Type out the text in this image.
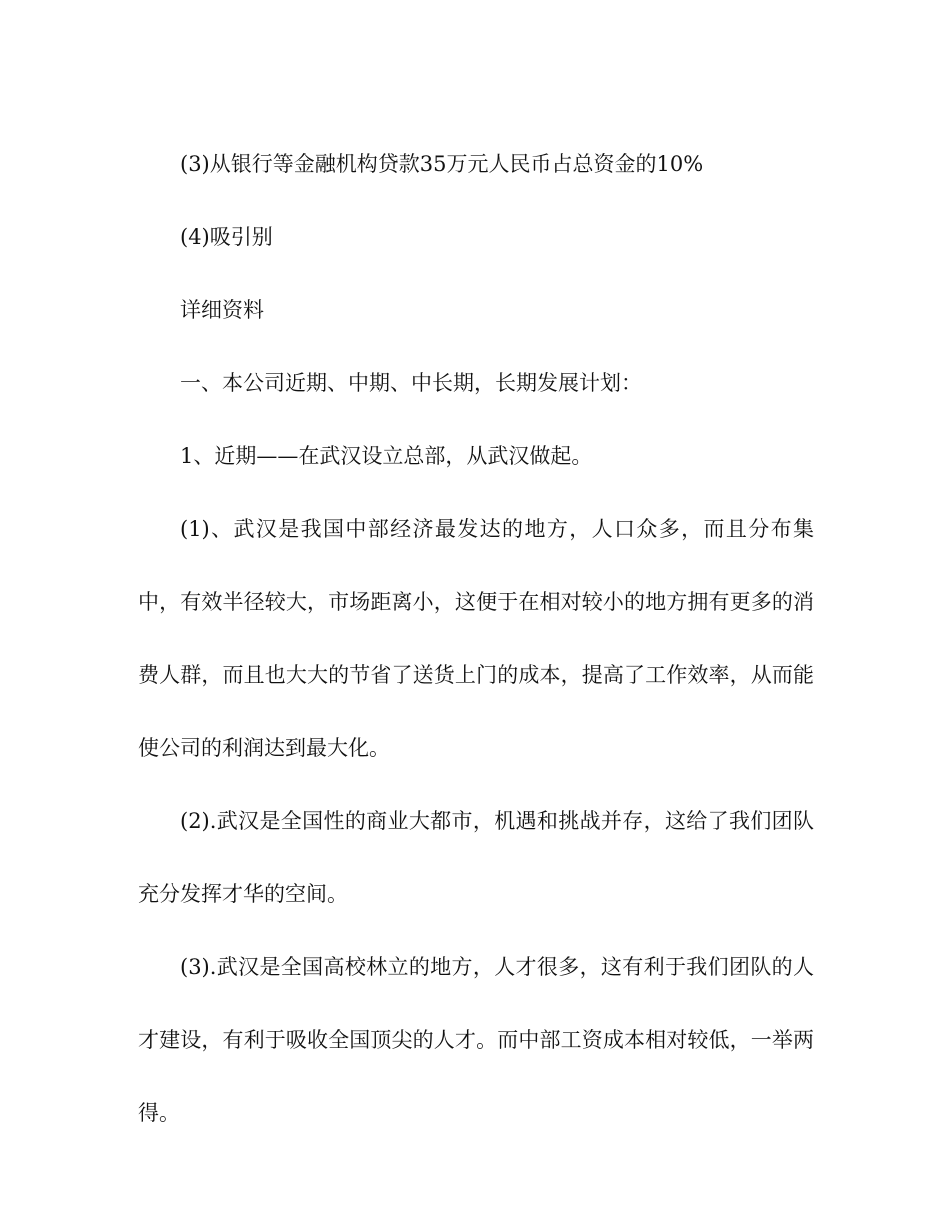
(3)从银行等金融机构贷款35万元人民币占总资金的10%

(4)吸引别

详细资料

一、本公司近期、中期、中长期，长期发展计划：

1、近期——在武汉设立总部，从武汉做起。

(1)、武汉是我国中部经济最发达的地方，人口众多，而且分布集中，有效半径较大，市场距离小，这便于在相对较小的地方拥有更多的消费人群，而且也大大的节省了送货上门的成本，提高了工作效率，从而能使公司的利润达到最大化。

(2).武汉是全国性的商业大都市，机遇和挑战并存，这给了我们团队充分发挥才华的空间。

(3).武汉是全国高校林立的地方，人才很多，这有利于我们团队的人才建设，有利于吸收全国顶尖的人才。而中部工资成本相对较低，一举两得。
